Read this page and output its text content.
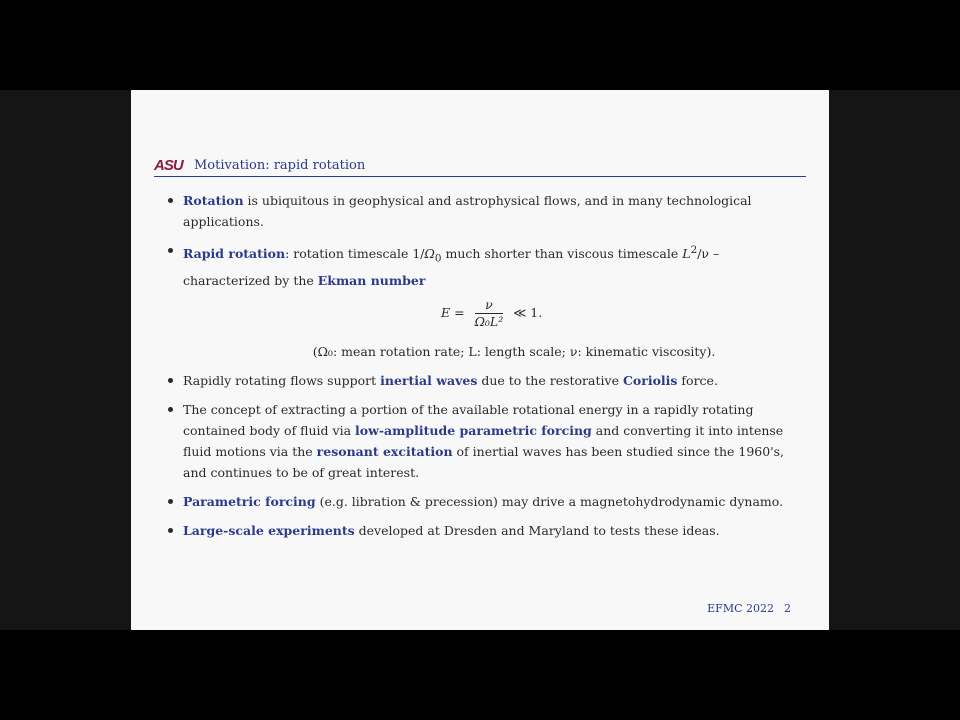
ASU Motivation: rapid rotation
Rotation is ubiquitous in geophysical and astrophysical flows, and in many technological applications.
Rapid rotation: rotation timescale $1/\Omega_0$ much shorter than viscous timescale $L^2/\nu$ –
characterized by the Ekman number
$E = \frac{\nu}{\text{Ω₀L²}}$ ≪ 1.
(Ω₀: mean rotation rate; L: length scale; ν: kinematic viscosity).
Rapidly rotating flows support inertial waves due to the restorative Coriolis force.
The concept of extracting a portion of the available rotational energy in a rapidly rotating contained body of fluid via low-amplitude parametric forcing and converting it into intense fluid motions via the resonant excitation of inertial waves has been studied since the 1960's, and continues to be of great interest.
Parametric forcing (e.g. libration & precession) may drive a magnetohydrodynamic dynamo.
Large-scale experiments developed at Dresden and Maryland to tests these ideas.
EFMC 2022 2
